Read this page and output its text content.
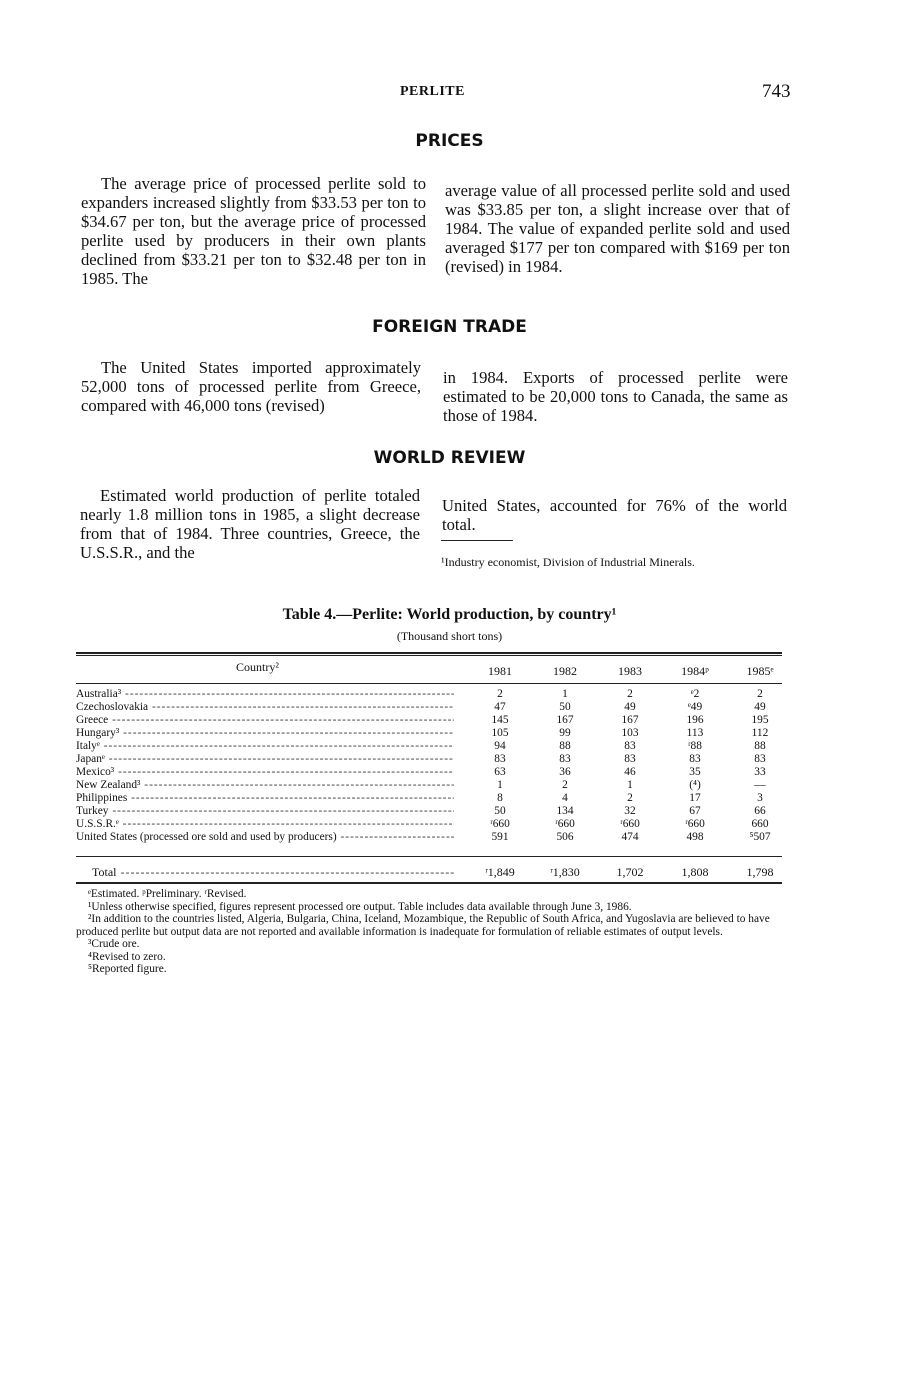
PERLITE	743
PRICES

The average price of processed perlite sold to expanders increased slightly from $33.53 per ton to $34.67 per ton, but the average price of processed perlite used by producers in their own plants declined from $33.21 per ton to $32.48 per ton in 1985. The

average value of all processed perlite sold and used was $33.85 per ton, a slight increase over that of 1984. The value of expanded perlite sold and used averaged $177 per ton compared with $169 per ton (revised) in 1984.

FOREIGN TRADE

The United States imported approximately 52,000 tons of processed perlite from Greece, compared with 46,000 tons (revised)

in 1984. Exports of processed perlite were estimated to be 20,000 tons to Canada, the same as those of 1984.

WORLD REVIEW

Estimated world production of perlite totaled nearly 1.8 million tons in 1985, a slight decrease from that of 1984. Three countries, Greece, the U.S.S.R., and the

United States, accounted for 76% of the world total.

¹Industry economist, Division of Industrial Minerals.
Table 4.—Perlite: World production, by country¹
(Thousand short tons)
Country²	1981	1982	1983	1984ᵖ	1985ᵉ
Australia³ -----	2	1	2	ᵉ2	2
Czechoslovakia -----	47	50	49	ᵉ49	49
Greece -----	145	167	167	196	195
Hungary³ -----	105	99	103	113	112
Italyᵉ -----	94	88	83	ʳ88	88
Japanᵉ -----	83	83	83	83	83
Mexico³ -----	63	36	46	35	33
New Zealand³ -----	1	2	1	(⁴)	—
Philippines -----	8	4	2	17	3
Turkey -----	50	134	32	67	66
U.S.S.R.ᵉ -----	ʳ660	ʳ660	ʳ660	ʳ660	660
United States (processed ore sold and used by producers) -----	591	506	474	498	⁵507
Total -----	ʳ1,849	ʳ1,830	1,702	1,808	1,798
ᵉEstimated. ᵖPreliminary. ʳRevised.
¹Unless otherwise specified, figures represent processed ore output. Table includes data available through June 3, 1986.
²In addition to the countries listed, Algeria, Bulgaria, China, Iceland, Mozambique, the Republic of South Africa, and Yugoslavia are believed to have produced perlite but output data are not reported and available information is inadequate for formulation of reliable estimates of output levels.
³Crude ore.
⁴Revised to zero.
⁵Reported figure.
